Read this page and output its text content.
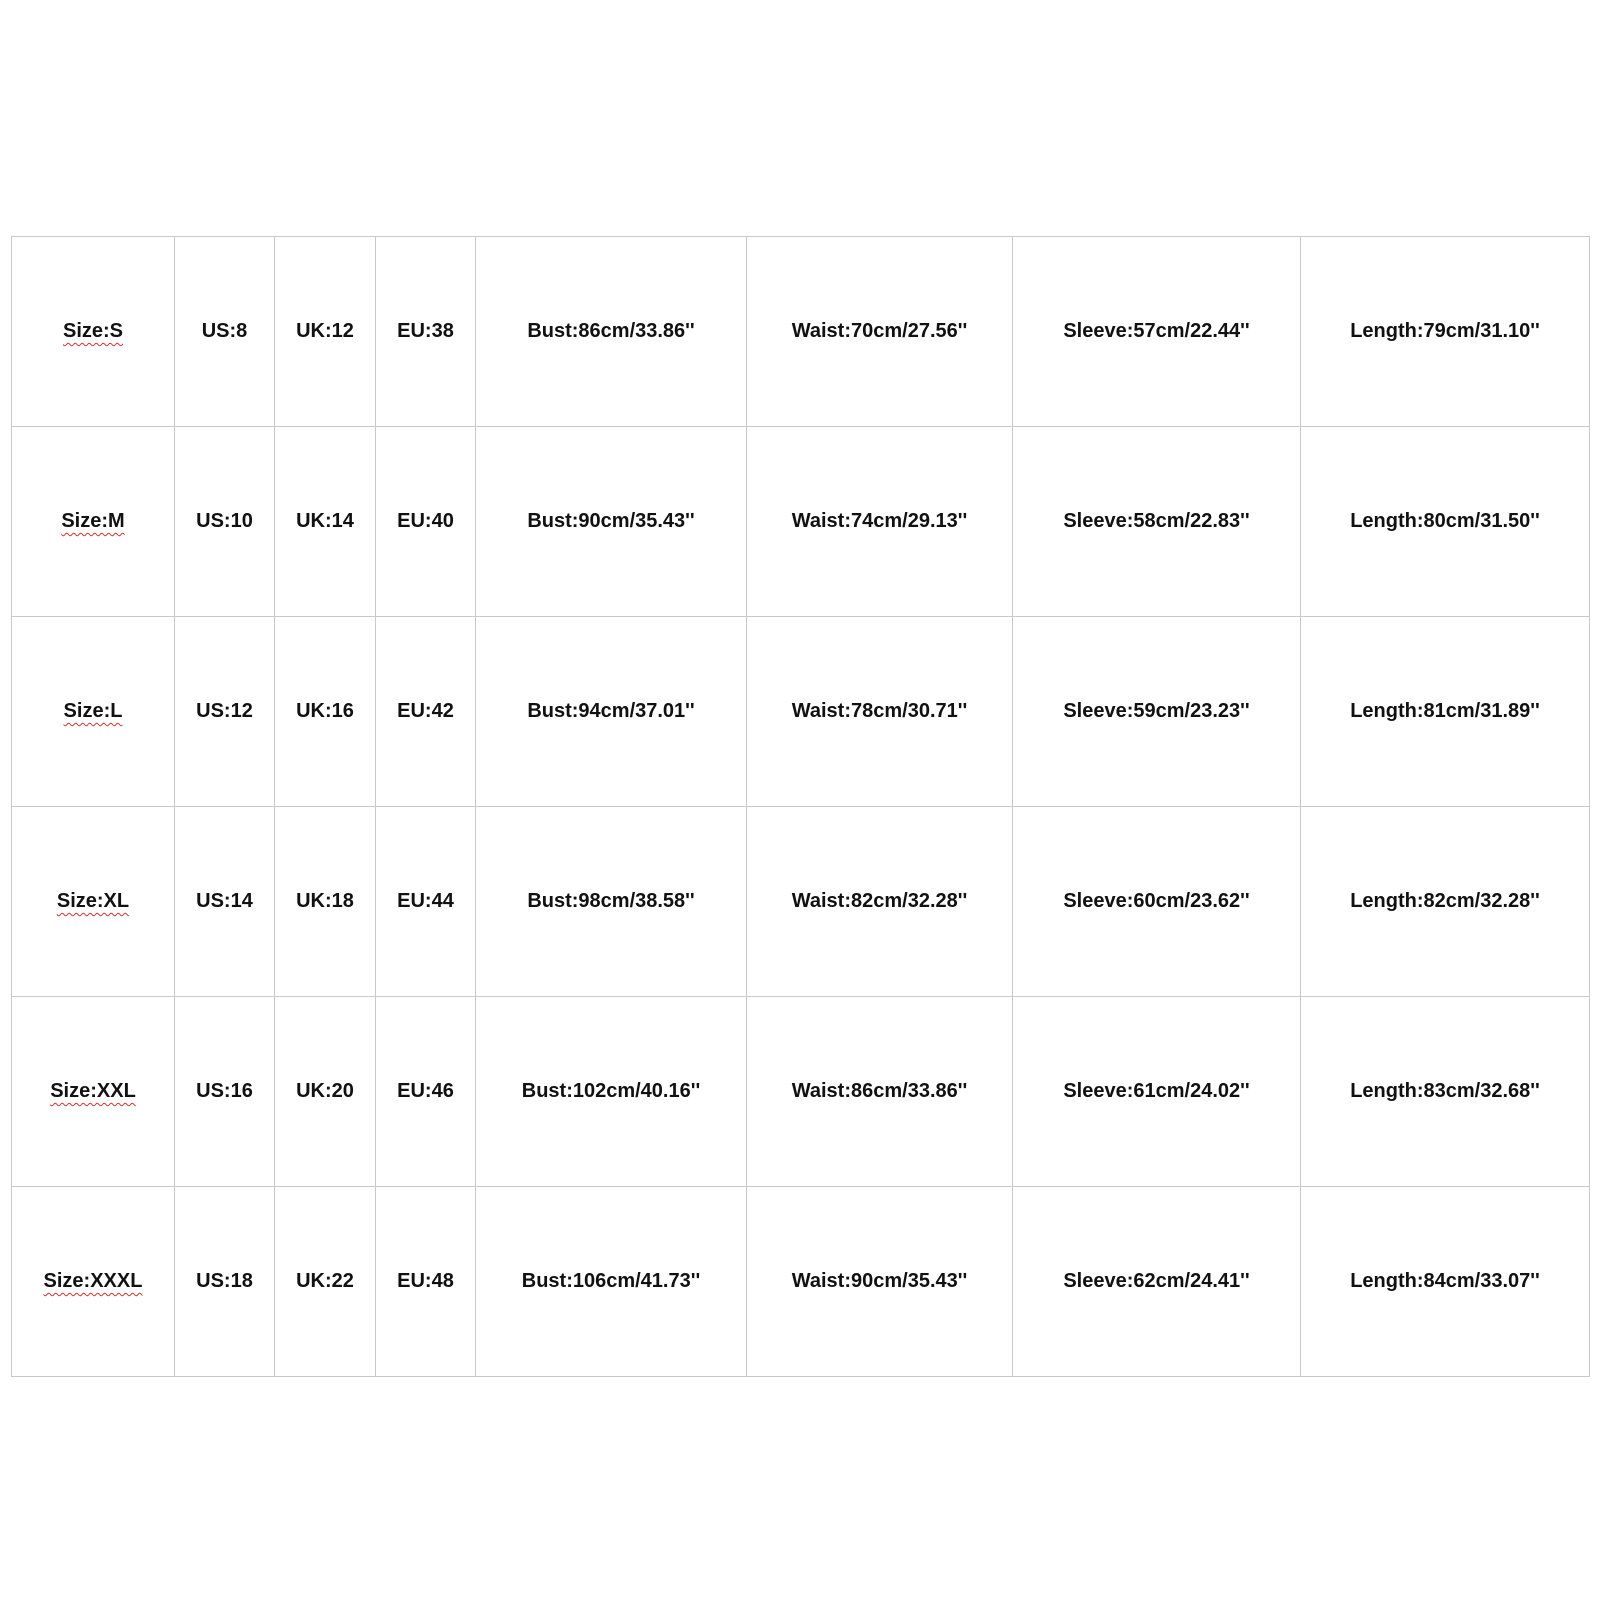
Size:S	US:8	UK:12	EU:38	Bust:86cm/33.86''	Waist:70cm/27.56''	Sleeve:57cm/22.44''	Length:79cm/31.10''
Size:M	US:10	UK:14	EU:40	Bust:90cm/35.43''	Waist:74cm/29.13''	Sleeve:58cm/22.83''	Length:80cm/31.50''
Size:L	US:12	UK:16	EU:42	Bust:94cm/37.01''	Waist:78cm/30.71''	Sleeve:59cm/23.23''	Length:81cm/31.89''
Size:XL	US:14	UK:18	EU:44	Bust:98cm/38.58''	Waist:82cm/32.28''	Sleeve:60cm/23.62''	Length:82cm/32.28''
Size:XXL	US:16	UK:20	EU:46	Bust:102cm/40.16''	Waist:86cm/33.86''	Sleeve:61cm/24.02''	Length:83cm/32.68''
Size:XXXL	US:18	UK:22	EU:48	Bust:106cm/41.73''	Waist:90cm/35.43''	Sleeve:62cm/24.41''	Length:84cm/33.07''
